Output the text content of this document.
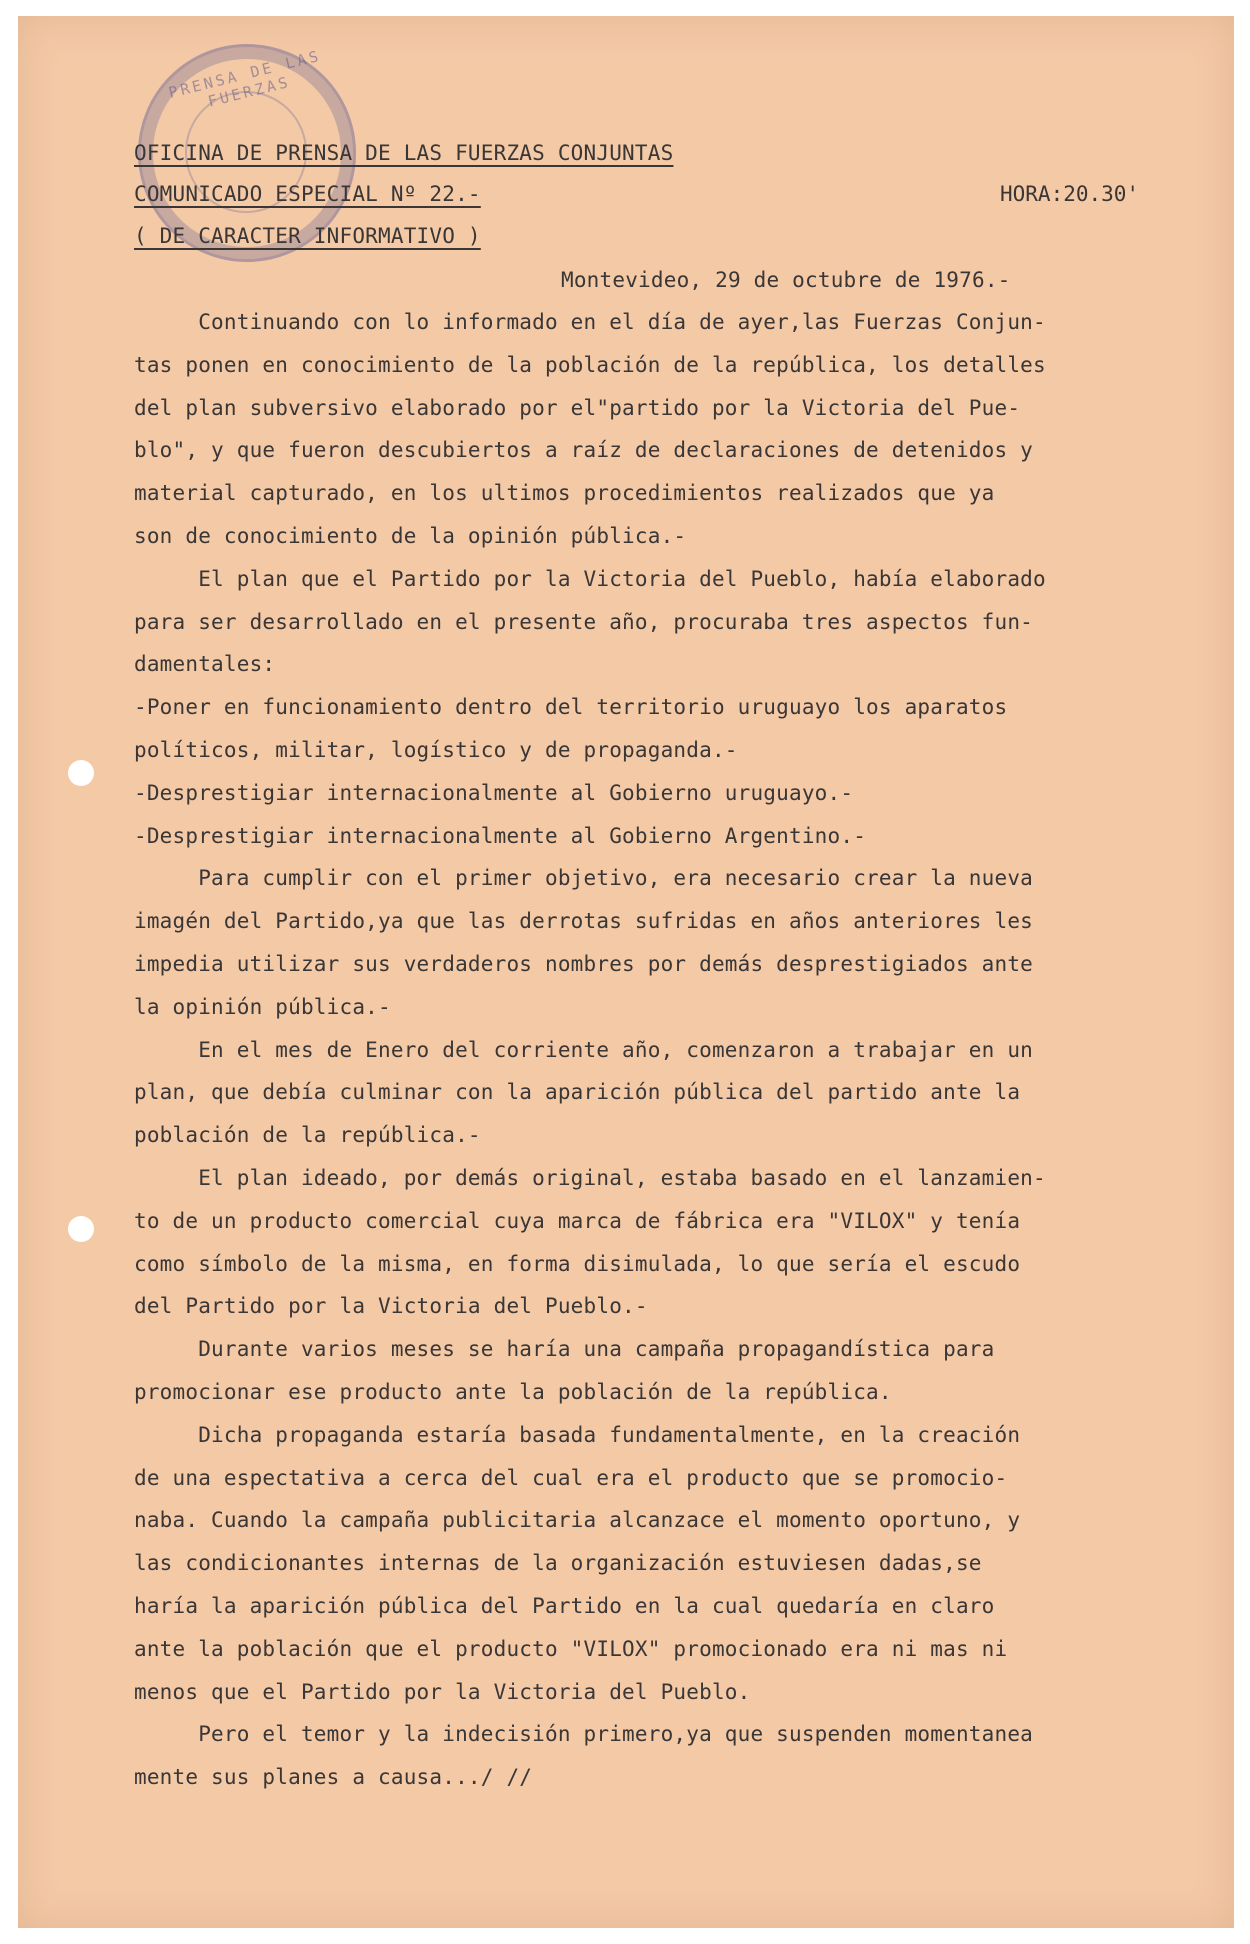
PRENSA DE LAS FUERZAS
OFICINA DE PRENSA DE LAS FUERZAS CONJUNTAS
COMUNICADO ESPECIAL Nº 22.-	HORA:20.30'
( DE CARACTER INFORMATIVO )
Montevideo, 29 de octubre de 1976.-
Continuando con lo informado en el día de ayer,las Fuerzas Conjun-
tas ponen en conocimiento de la población de la república, los detalles
del plan subversivo elaborado por el"partido por la Victoria del Pue-
blo", y que fueron descubiertos a raíz de declaraciones de detenidos y
material capturado, en los ultimos procedimientos realizados que ya
son de conocimiento de la opinión pública.-
El plan que el Partido por la Victoria del Pueblo, había elaborado
para ser desarrollado en el presente año, procuraba tres aspectos fun-
damentales:
-Poner en funcionamiento dentro del territorio uruguayo los aparatos
políticos, militar, logístico y de propaganda.-
-Desprestigiar internacionalmente al Gobierno uruguayo.-
-Desprestigiar internacionalmente al Gobierno Argentino.-
Para cumplir con el primer objetivo, era necesario crear la nueva
imagén del Partido,ya que las derrotas sufridas en años anteriores les
impedia utilizar sus verdaderos nombres por demás desprestigiados ante
la opinión pública.-
En el mes de Enero del corriente año, comenzaron a trabajar en un
plan, que debía culminar con la aparición pública del partido ante la
población de la república.-
El plan ideado, por demás original, estaba basado en el lanzamien-
to de un producto comercial cuya marca de fábrica era "VILOX" y tenía
como símbolo de la misma, en forma disimulada, lo que sería el escudo
del Partido por la Victoria del Pueblo.-
Durante varios meses se haría una campaña propagandística para
promocionar ese producto ante la población de la república.
Dicha propaganda estaría basada fundamentalmente, en la creación
de una espectativa a cerca del cual era el producto que se promocio-
naba. Cuando la campaña publicitaria alcanzace el momento oportuno, y
las condicionantes internas de la organización estuviesen dadas,se
haría la aparición pública del Partido en la cual quedaría en claro
ante la población que el producto "VILOX" promocionado era ni mas ni
menos que el Partido por la Victoria del Pueblo.
Pero el temor y la indecisión primero,ya que suspenden momentanea
mente sus planes a causa.../ //
